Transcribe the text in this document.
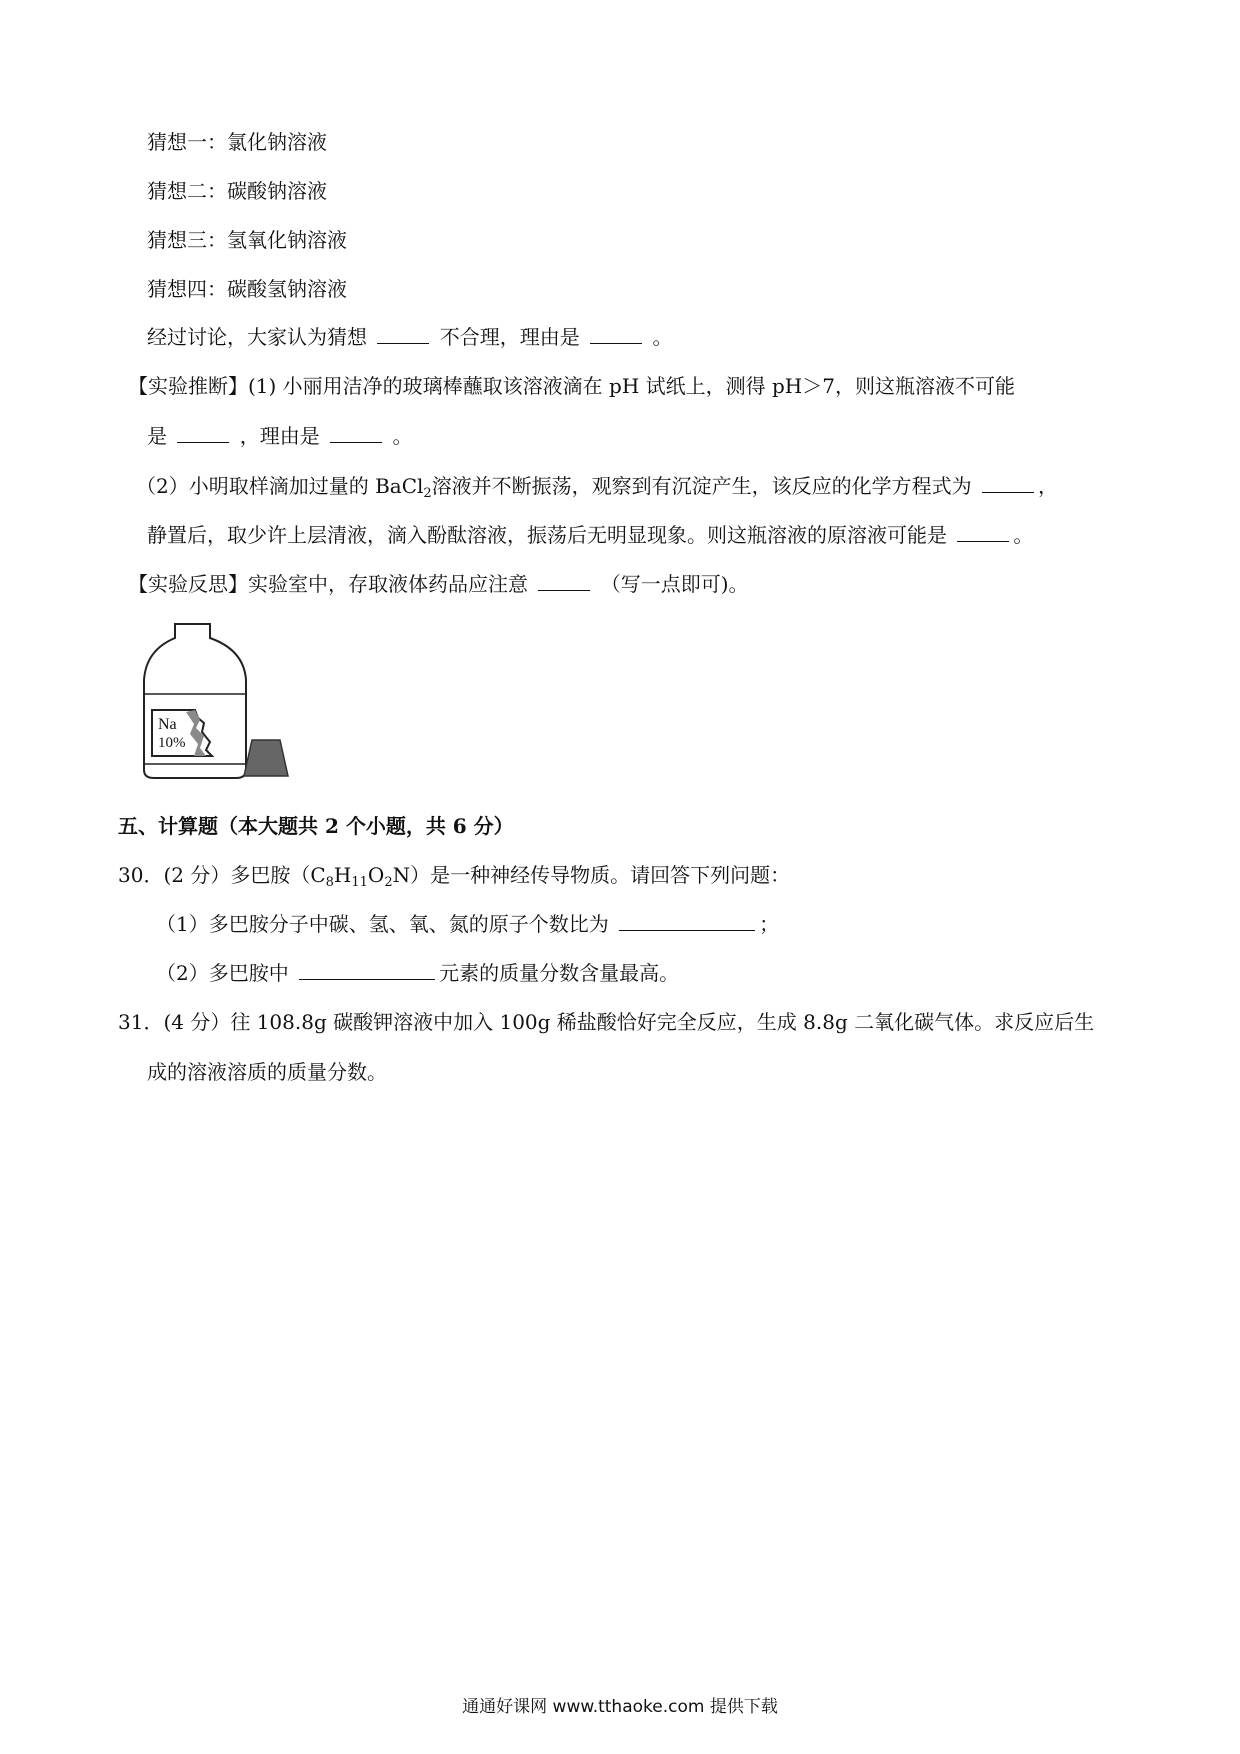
猜想一：氯化钠溶液
猜想二：碳酸钠溶液
猜想三：氢氧化钠溶液
猜想四：碳酸氢钠溶液
经过讨论，大家认为猜想	不合理，理由是	。
【实验推断】(1) 小丽用洁净的玻璃棒蘸取该溶液滴在 pH 试纸上，测得 pH＞7，则这瓶溶液不可能
是	，理由是	。
（2）小明取样滴加过量的 BaCl$_2$溶液并不断振荡，观察到有沉淀产生，该反应的化学方程式为	，
静置后，取少许上层清液，滴入酚酞溶液，振荡后无明显现象。则这瓶溶液的原溶液可能是	。
【实验反思】实验室中，存取液体药品应注意	（写一点即可)。
Na
10%
五、计算题（本大题共 2 个小题，共 6 分）
30．(2 分）多巴胺$(C_8H_{11}O_2N)$是一种神经传导物质。请回答下列问题：
（1）多巴胺分子中碳、氢、氧、氮的原子个数比为	；
（2）多巴胺中	元素的质量分数含量最高。
31．(4 分）往 108.8g 碳酸钾溶液中加入 100g 稀盐酸恰好完全反应，生成 8.8g 二氧化碳气体。求反应后生
成的溶液溶质的质量分数。
通通好课网 www.tthaoke.com 提供下载
